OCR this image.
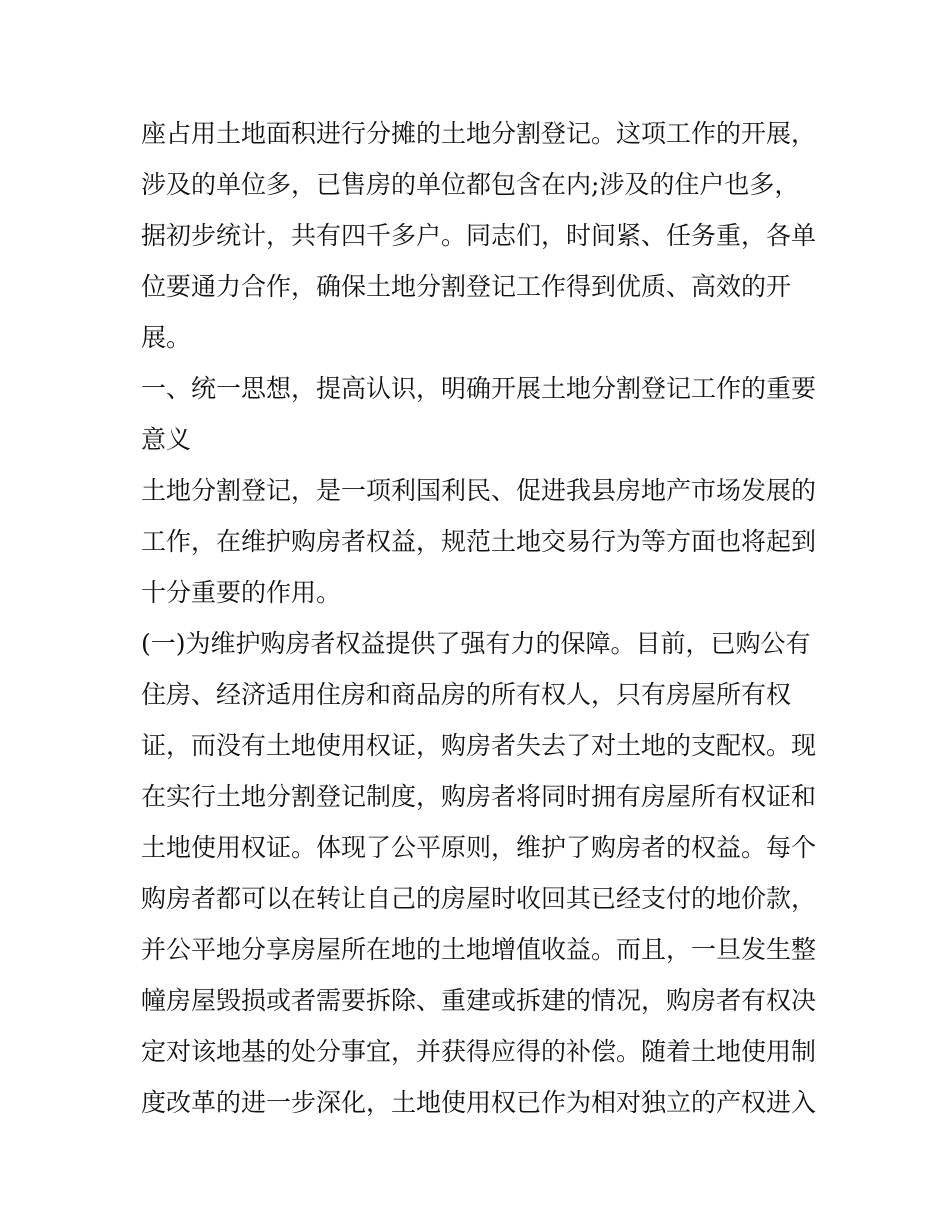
座占用土地面积进行分摊的土地分割登记。这项工作的开展，
涉及的单位多，已售房的单位都包含在内;涉及的住户也多，
据初步统计，共有四千多户。同志们，时间紧、任务重，各单
位要通力合作，确保土地分割登记工作得到优质、高效的开
展。
一、统一思想，提高认识，明确开展土地分割登记工作的重要
意义
土地分割登记，是一项利国利民、促进我县房地产市场发展的
工作，在维护购房者权益，规范土地交易行为等方面也将起到
十分重要的作用。
(一)为维护购房者权益提供了强有力的保障。目前，已购公有
住房、经济适用住房和商品房的所有权人，只有房屋所有权
证，而没有土地使用权证，购房者失去了对土地的支配权。现
在实行土地分割登记制度，购房者将同时拥有房屋所有权证和
土地使用权证。体现了公平原则，维护了购房者的权益。每个
购房者都可以在转让自己的房屋时收回其已经支付的地价款，
并公平地分享房屋所在地的土地增值收益。而且，一旦发生整
幢房屋毁损或者需要拆除、重建或拆建的情况，购房者有权决
定对该地基的处分事宜，并获得应得的补偿。随着土地使用制
度改革的进一步深化，土地使用权已作为相对独立的产权进入
